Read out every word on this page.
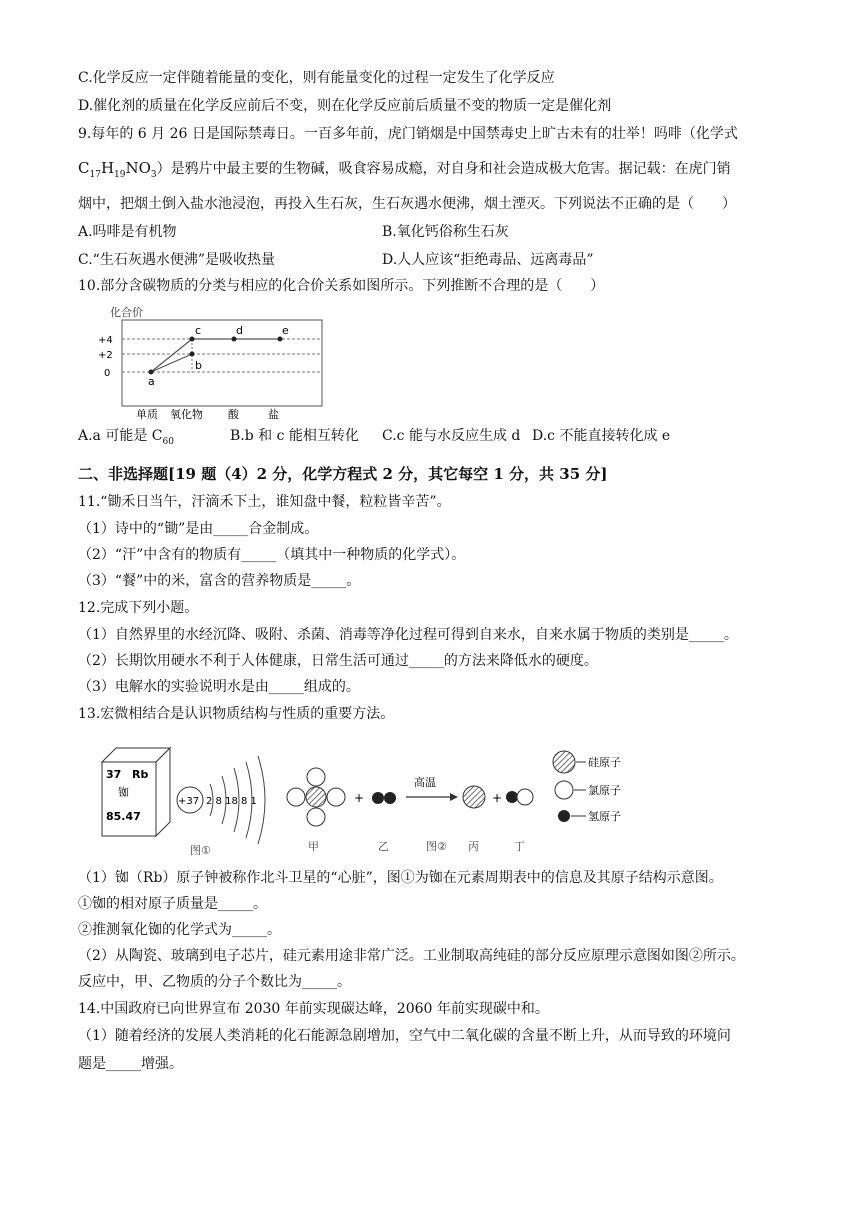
C.化学反应一定伴随着能量的变化，则有能量变化的过程一定发生了化学反应
D.催化剂的质量在化学反应前后不变，则在化学反应前后质量不变的物质一定是催化剂
9.每年的 6 月 26 日是国际禁毒日。一百多年前，虎门销烟是中国禁毒史上旷古未有的壮举！吗啡（化学式
$C_{17}H_{19}NO_3$）是鸦片中最主要的生物碱，吸食容易成瘾，对自身和社会造成极大危害。据记载：在虎门销
烟中，把烟土倒入盐水池浸泡，再投入生石灰，生石灰遇水便沸，烟土湮灭。下列说法不正确的是（　　）
A.吗啡是有机物	B.氧化钙俗称生石灰
C.“生石灰遇水便沸”是吸收热量	D.人人应该“拒绝毒品、远离毒品”
10.部分含碳物质的分类与相应的化合价关系如图所示。下列推断不合理的是（　　）
化合价
+4
+2
0
a
b
c	d	e
单质 氧化物 酸	盐
A.a 可能是 $C_{60}$	B.b 和 c 能相互转化 C.c 能与水反应生成 d D.c 不能直接转化成 e
二、非选择题[19 题（4）2 分，化学方程式 2 分，其它每空 1 分，共 35 分]
11.“锄禾日当午，汗滴禾下土，谁知盘中餐，粒粒皆辛苦”。
（1）诗中的“锄”是由_____合金制成。
（2）“汗”中含有的物质有_____（填其中一种物质的化学式）。
（3）“餐”中的米，富含的营养物质是_____。
12.完成下列小题。
（1）自然界里的水经沉降、吸附、杀菌、消毒等净化过程可得到自来水，自来水属于物质的类别是_____。
（2）长期饮用硬水不利于人体健康，日常生活可通过_____的方法来降低水的硬度。
（3）电解水的实验说明水是由_____组成的。
13.宏微相结合是认识物质结构与性质的重要方法。
37 Rb
铷
85.47
+37 2 8 18 8 1
图①	甲
+
乙
高温
丙
+
丁
图②
硅原子
氯原子
氢原子
（1）铷（Rb）原子钟被称作北斗卫星的“心脏”，图①为铷在元素周期表中的信息及其原子结构示意图。
①铷的相对原子质量是_____。
②推测氧化铷的化学式为_____。
（2）从陶瓷、玻璃到电子芯片，硅元素用途非常广泛。工业制取高纯硅的部分反应原理示意图如图②所示。
反应中，甲、乙物质的分子个数比为_____。
14.中国政府已向世界宣布 2030 年前实现碳达峰，2060 年前实现碳中和。
（1）随着经济的发展人类消耗的化石能源急剧增加，空气中二氧化碳的含量不断上升，从而导致的环境问
题是_____增强。
